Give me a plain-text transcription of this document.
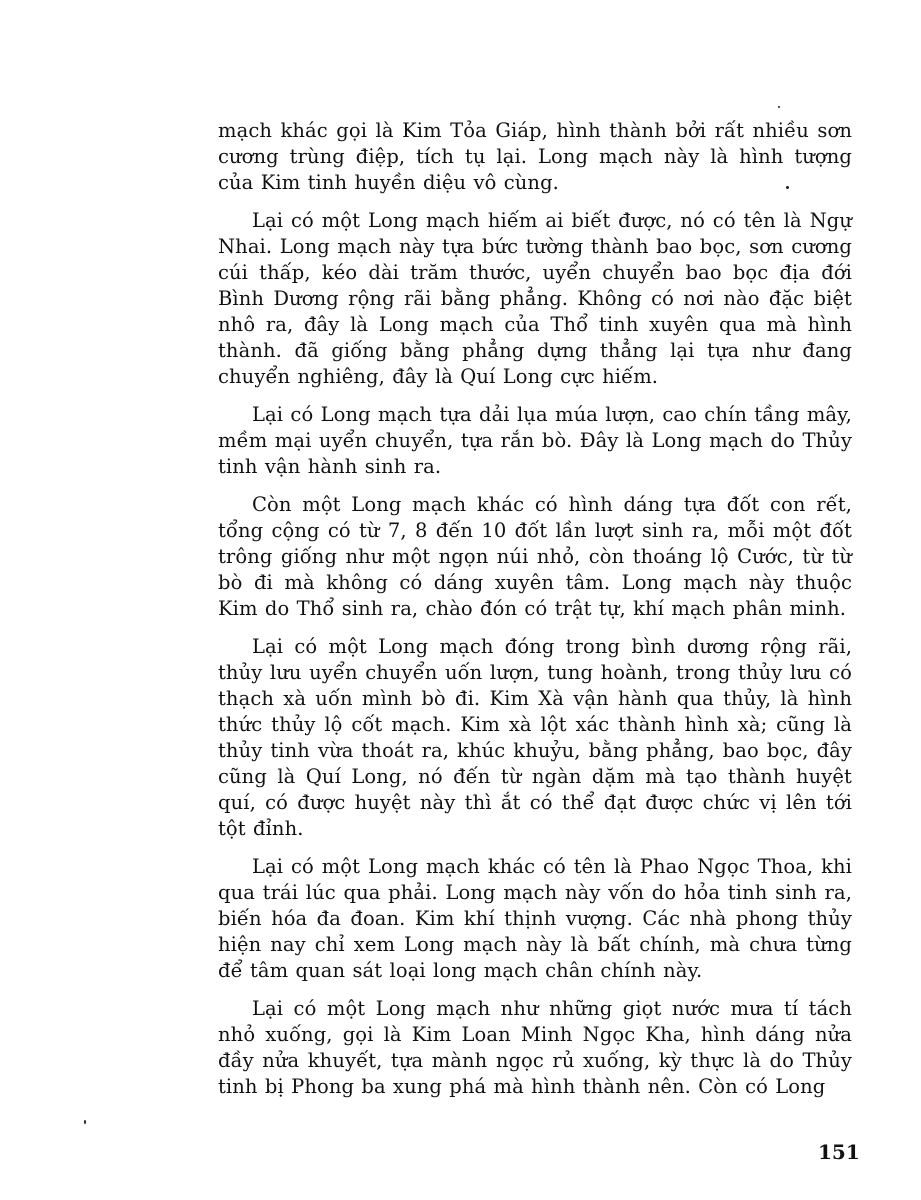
mạch khác gọi là Kim Tỏa Giáp, hình thành bởi rất nhiều sơn cương trùng điệp, tích tụ lại. Long mạch này là hình tượng của Kim tinh huyền diệu vô cùng.

Lại có một Long mạch hiếm ai biết được, nó có tên là Ngự Nhai. Long mạch này tựa bức tường thành bao bọc, sơn cương cúi thấp, kéo dài trăm thước, uyển chuyển bao bọc địa đới Bình Dương rộng rãi bằng phẳng. Không có nơi nào đặc biệt nhô ra, đây là Long mạch của Thổ tinh xuyên qua mà hình thành. đã giống bằng phẳng dựng thẳng lại tựa như đang chuyển nghiêng, đây là Quí Long cực hiếm.

Lại có Long mạch tựa dải lụa múa lượn, cao chín tầng mây, mềm mại uyển chuyển, tựa rắn bò. Đây là Long mạch do Thủy tinh vận hành sinh ra.

Còn một Long mạch khác có hình dáng tựa đốt con rết, tổng cộng có từ 7, 8 đến 10 đốt lần lượt sinh ra, mỗi một đốt trông giống như một ngọn núi nhỏ, còn thoáng lộ Cước, từ từ bò đi mà không có dáng xuyên tâm. Long mạch này thuộc Kim do Thổ sinh ra, chào đón có trật tự, khí mạch phân minh.

Lại có một Long mạch đóng trong bình dương rộng rãi, thủy lưu uyển chuyển uốn lượn, tung hoành, trong thủy lưu có thạch xà uốn mình bò đi. Kim Xà vận hành qua thủy, là hình thức thủy lộ cốt mạch. Kim xà lột xác thành hình xà; cũng là thủy tinh vừa thoát ra, khúc khuỷu, bằng phẳng, bao bọc, đây cũng là Quí Long, nó đến từ ngàn dặm mà tạo thành huyệt quí, có được huyệt này thì ắt có thể đạt được chức vị lên tới tột đỉnh.

Lại có một Long mạch khác có tên là Phao Ngọc Thoa, khi qua trái lúc qua phải. Long mạch này vốn do hỏa tinh sinh ra, biến hóa đa đoan. Kim khí thịnh vượng. Các nhà phong thủy hiện nay chỉ xem Long mạch này là bất chính, mà chưa từng để tâm quan sát loại long mạch chân chính này.

Lại có một Long mạch như những giọt nước mưa tí tách nhỏ xuống, gọi là Kim Loan Minh Ngọc Kha, hình dáng nửa đầy nửa khuyết, tựa mành ngọc rủ xuống, kỳ thực là do Thủy tinh bị Phong ba xung phá mà hình thành nên. Còn có Long

151
